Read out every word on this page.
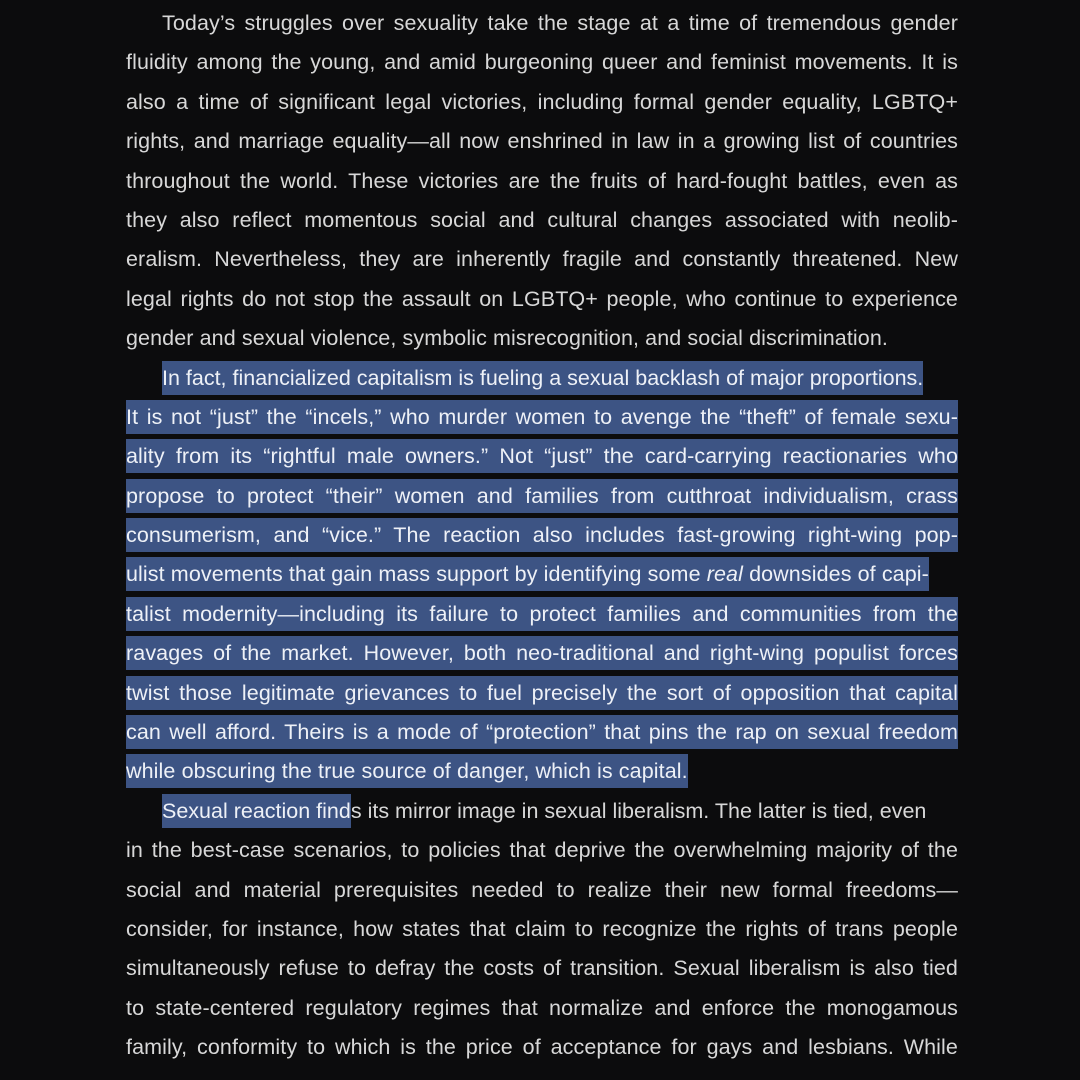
Today’s struggles over sexuality take the stage at a time of tremendous gender
fluidity among the young, and amid burgeoning queer and feminist movements. It is
also a time of significant legal victories, including formal gender equality, LGBTQ+
rights, and marriage equality—all now enshrined in law in a growing list of countries
throughout the world. These victories are the fruits of hard-fought battles, even as
they also reflect momentous social and cultural changes associated with neolib-
eralism. Nevertheless, they are inherently fragile and constantly threatened. New
legal rights do not stop the assault on LGBTQ+ people, who continue to experience
gender and sexual violence, symbolic misrecognition, and social discrimination.
In fact, financialized capitalism is fueling a sexual backlash of major proportions.
It is not “just” the “incels,” who murder women to avenge the “theft” of female sexu-
ality from its “rightful male owners.” Not “just” the card-carrying reactionaries who
propose to protect “their” women and families from cutthroat individualism, crass
consumerism, and “vice.” The reaction also includes fast-growing right-wing pop-
ulist movements that gain mass support by identifying some real downsides of capi-
talist modernity—including its failure to protect families and communities from the
ravages of the market. However, both neo-traditional and right-wing populist forces
twist those legitimate grievances to fuel precisely the sort of opposition that capital
can well afford. Theirs is a mode of “protection” that pins the rap on sexual freedom
while obscuring the true source of danger, which is capital.
Sexual reaction finds its mirror image in sexual liberalism. The latter is tied, even
in the best-case scenarios, to policies that deprive the overwhelming majority of the
social and material prerequisites needed to realize their new formal freedoms—
consider, for instance, how states that claim to recognize the rights of trans people
simultaneously refuse to defray the costs of transition. Sexual liberalism is also tied
to state-centered regulatory regimes that normalize and enforce the monogamous
family, conformity to which is the price of acceptance for gays and lesbians. While
